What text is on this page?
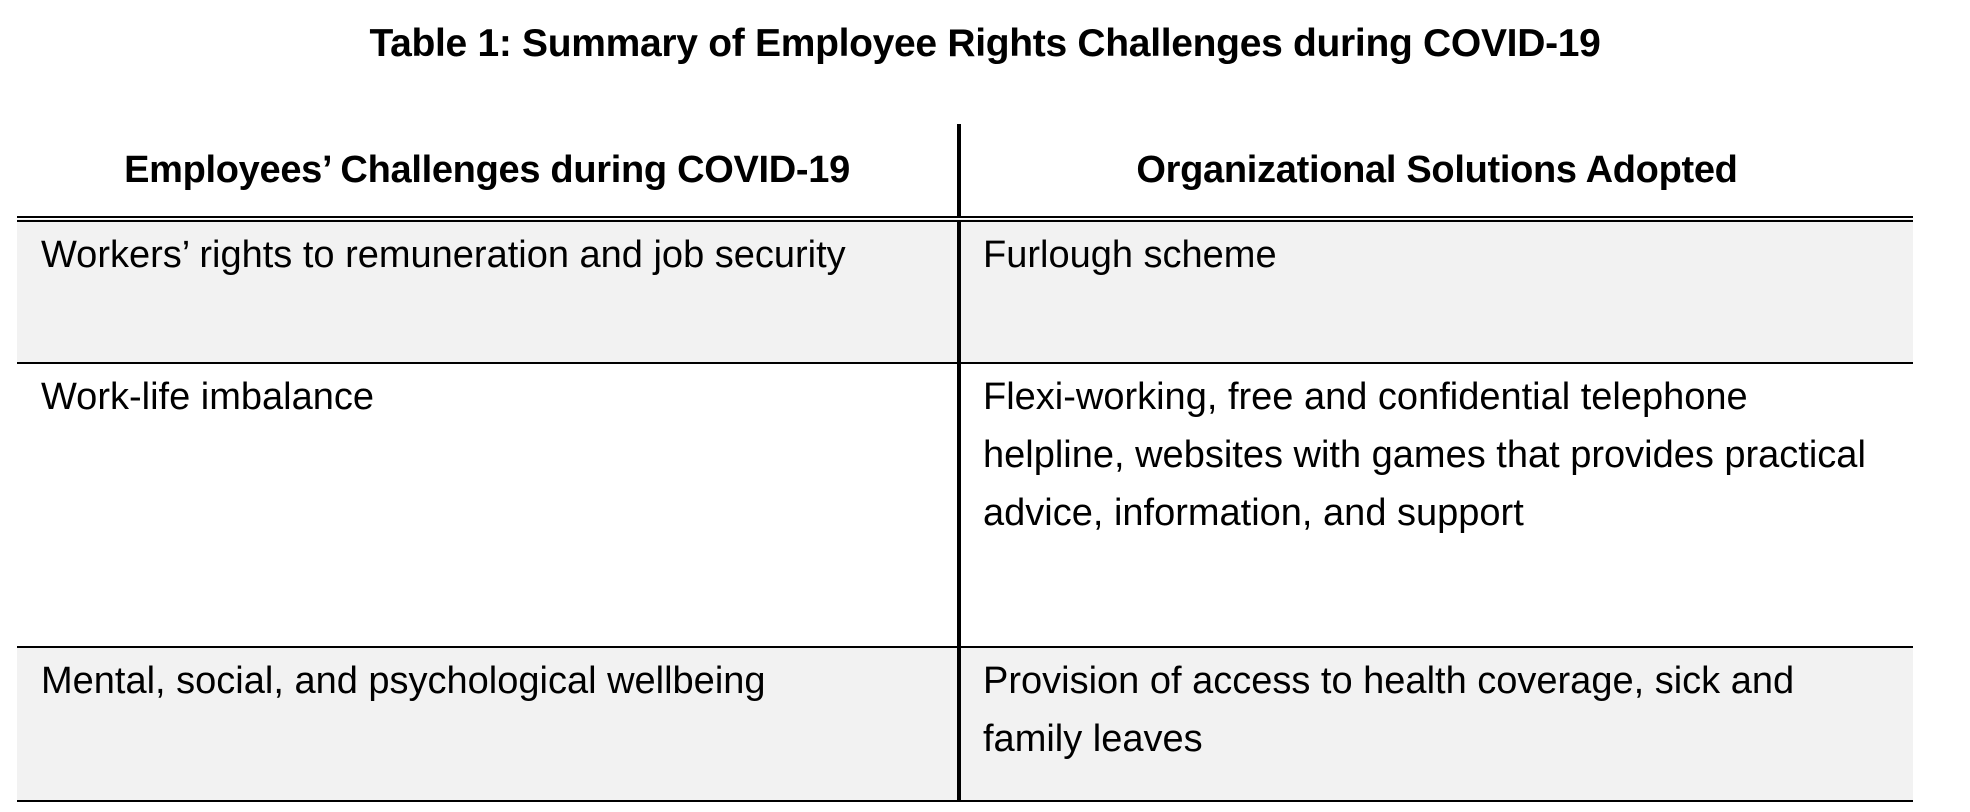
Table 1: Summary of Employee Rights Challenges during COVID-19
Employees’ Challenges during COVID-19	Organizational Solutions Adopted
Workers’ rights to remuneration and job security	Furlough scheme
Work-life imbalance	Flexi-working, free and confidential telephone helpline, websites with games that provides practical advice, information, and support
Mental, social, and psychological wellbeing	Provision of access to health coverage, sick and family leaves
